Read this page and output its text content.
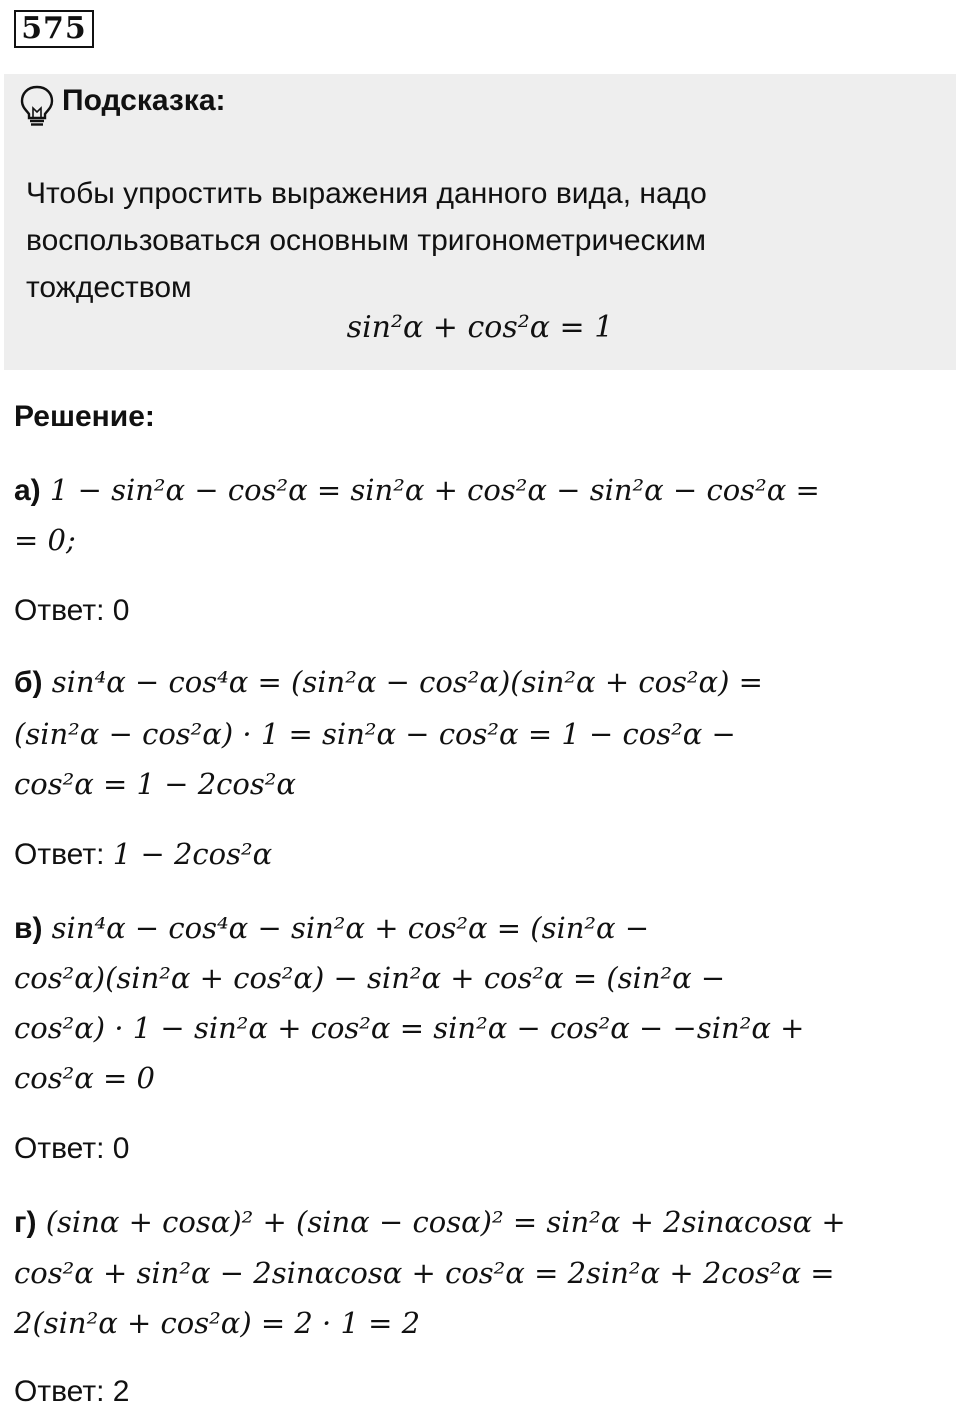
575
Подсказка:
Чтобы упростить выражения данного вида, надо
воспользоваться основным тригонометрическим
тождеством
sin²α + cos²α = 1
Решение:
а) 1 − sin²α − cos²α = sin²α + cos²α − sin²α − cos²α =
= 0;
Ответ: 0
б) sin⁴α − cos⁴α = (sin²α − cos²α)(sin²α + cos²α) =
(sin²α − cos²α) · 1 = sin²α − cos²α = 1 − cos²α −
cos²α = 1 − 2cos²α
Ответ: 1 − 2cos²α
в) sin⁴α − cos⁴α − sin²α + cos²α = (sin²α −
cos²α)(sin²α + cos²α) − sin²α + cos²α = (sin²α −
cos²α) · 1 − sin²α + cos²α = sin²α − cos²α − −sin²α +
cos²α = 0
Ответ: 0
г) (sinα + cosα)² + (sinα − cosα)² = sin²α + 2sinαcosα +
cos²α + sin²α − 2sinαcosα + cos²α = 2sin²α + 2cos²α =
2(sin²α + cos²α) = 2 · 1 = 2
Ответ: 2
